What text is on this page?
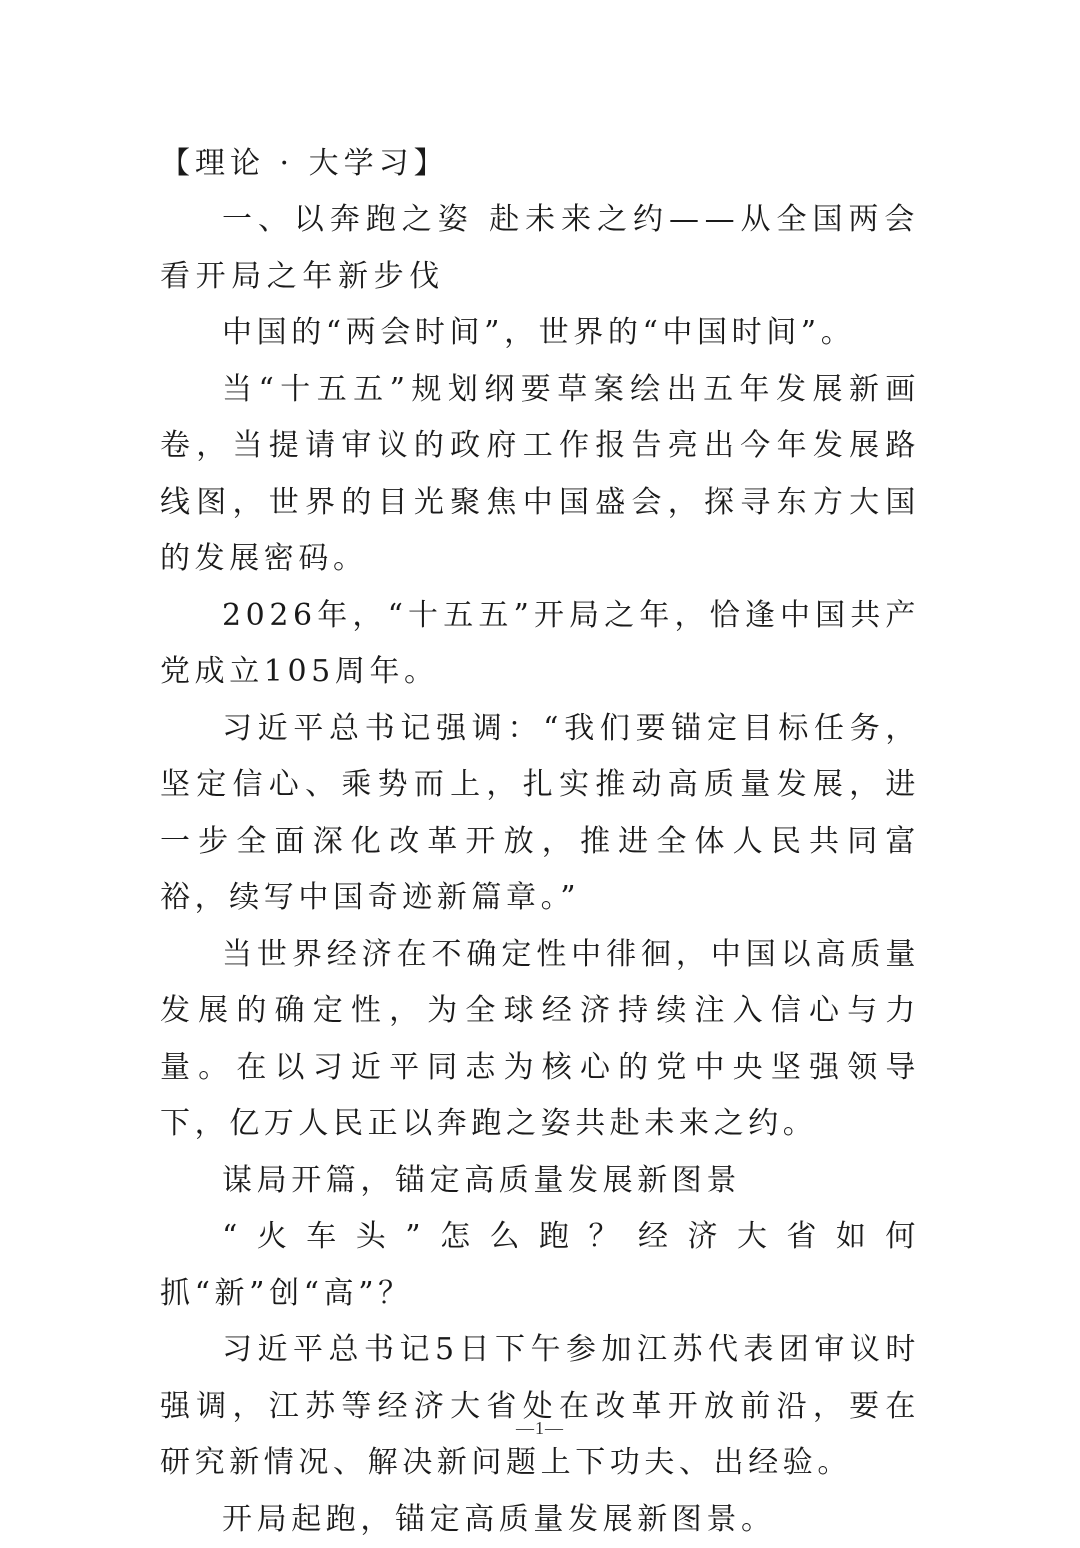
【理论 · 大学习】

一、以奔跑之姿 赴未来之约——从全国两会看开局之年新步伐

中国的“两会时间”，世界的“中国时间”。

当“十五五”规划纲要草案绘出五年发展新画卷，当提请审议的政府工作报告亮出今年发展路线图，世界的目光聚焦中国盛会，探寻东方大国的发展密码。

2026年，“十五五”开局之年，恰逢中国共产党成立105周年。

习近平总书记强调：“我们要锚定目标任务，坚定信心、乘势而上，扎实推动高质量发展，进一步全面深化改革开放，推进全体人民共同富裕，续写中国奇迹新篇章。”

当世界经济在不确定性中徘徊，中国以高质量发展的确定性，为全球经济持续注入信心与力量。在以习近平同志为核心的党中央坚强领导下，亿万人民正以奔跑之姿共赴未来之约。

谋局开篇，锚定高质量发展新图景

“火车头”怎么跑？经济大省如何抓“新”创“高”？

习近平总书记5日下午参加江苏代表团审议时强调，江苏等经济大省处在改革开放前沿，要在研究新情况、解决新问题上下功夫、出经验。

开局起跑，锚定高质量发展新图景。

—1—
